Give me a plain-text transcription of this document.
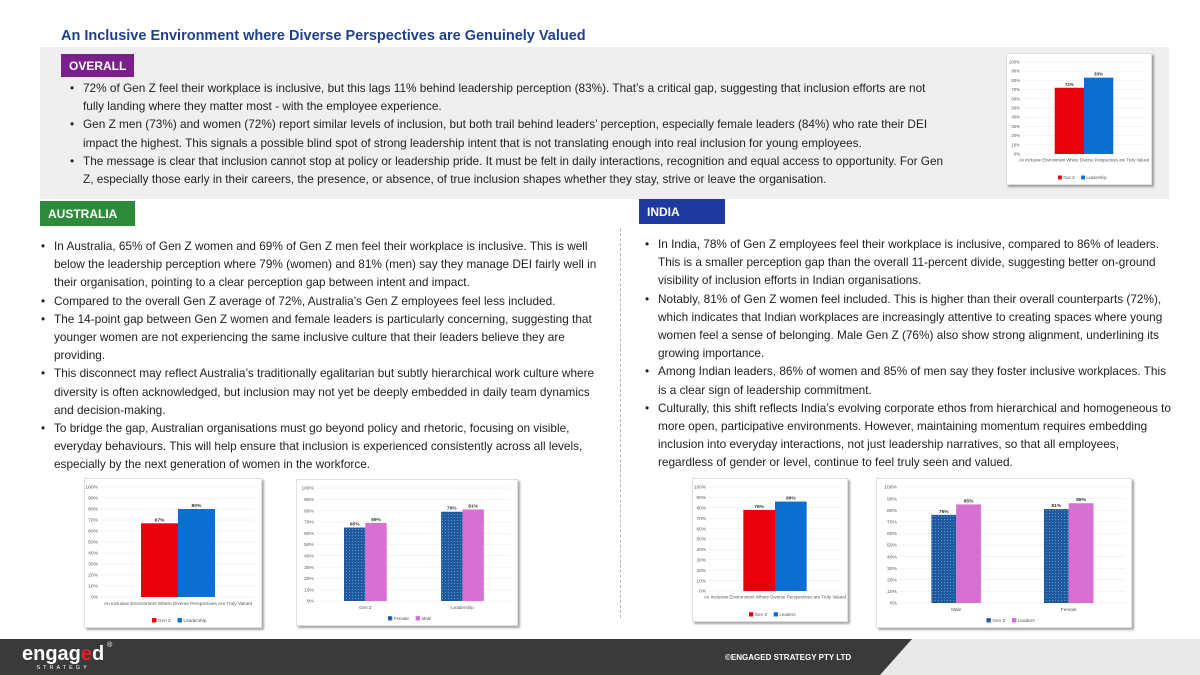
An Inclusive Environment where Diverse Perspectives are Genuinely Valued
OVERALL
• 72% of Gen Z feel their workplace is inclusive, but this lags 11% behind leadership perception (83%). That’s a critical gap, suggesting that inclusion efforts are not fully landing where they matter most - with the employee experience.
• Gen Z men (73%) and women (72%) report similar levels of inclusion, but both trail behind leaders’ perception, especially female leaders (84%) who rate their DEI impact the highest. This signals a possible blind spot of strong leadership intent that is not translating enough into real inclusion for young employees.
• The message is clear that inclusion cannot stop at policy or leadership pride. It must be felt in daily interactions, recognition and equal access to opportunity. For Gen Z, especially those early in their careers, the presence, or absence, of true inclusion shapes whether they stay, strive or leave the organisation.
0%
10%
20%
30%
40%
50%
60%
70%
80%
90%
100%
72%
83%
An Inclusive Environment Where Diverse Perspectives are Truly Valued
Gen Z	Leadership
AUSTRALIA
• In Australia, 65% of Gen Z women and 69% of Gen Z men feel their workplace is inclusive. This is well below the leadership perception where 79% (women) and 81% (men) say they manage DEI fairly well in their organisation, pointing to a clear perception gap between intent and impact.
• Compared to the overall Gen Z average of 72%, Australia’s Gen Z employees feel less included.
• The 14-point gap between Gen Z women and female leaders is particularly concerning, suggesting that younger women are not experiencing the same inclusive culture that their leaders believe they are providing.
• This disconnect may reflect Australia’s traditionally egalitarian but subtly hierarchical work culture where diversity is often acknowledged, but inclusion may not yet be deeply embedded in daily team dynamics and decision-making.
• To bridge the gap, Australian organisations must go beyond policy and rhetoric, focusing on visible, everyday behaviours. This will help ensure that inclusion is experienced consistently across all levels, especially by the next generation of women in the workforce.
0%
10%
20%
30%
40%
50%
60%
70%
80%
90%
100%
67%
80%
An Inclusive Environment Where Diverse Perspectives Are Truly Valued
Gen Z	Leadership
0%
10%
20%
30%
40%
50%
60%
70%
80%
90%
100%
65%
69%
Gen Z
79% 81%
Leadership
Female	Male
INDIA
• In India, 78% of Gen Z employees feel their workplace is inclusive, compared to 86% of leaders. This is a smaller perception gap than the overall 11-percent divide, suggesting better on-ground visibility of inclusion efforts in Indian organisations.
• Notably, 81% of Gen Z women feel included. This is higher than their overall counterparts (72%), which indicates that Indian workplaces are increasingly attentive to creating spaces where young women feel a sense of belonging. Male Gen Z (76%) also show strong alignment, underlining its growing importance.
• Among Indian leaders, 86% of women and 85% of men say they foster inclusive workplaces. This is a clear sign of leadership commitment.
• Culturally, this shift reflects India’s evolving corporate ethos from hierarchical and homogeneous to more open, participative environments. However, maintaining momentum requires embedding inclusion into everyday interactions, not just leadership narratives, so that all employees, regardless of gender or level, continue to feel truly seen and valued.
0%
10%
20%
30%
40%
50%
60%
70%
80%
90%
100%
78%
86%
An Inclusive Environment Where Diverse Perspectives are Truly Valued
Gen Z	Leaders
0%
10%
20%
30%
40%
50%
60%
70%
80%
90%
100%
76%
85%
Male
81%
86%
Female
Gen Z	Leaders
engaged ®
STRATEGY
©ENGAGED STRATEGY PTY LTD
